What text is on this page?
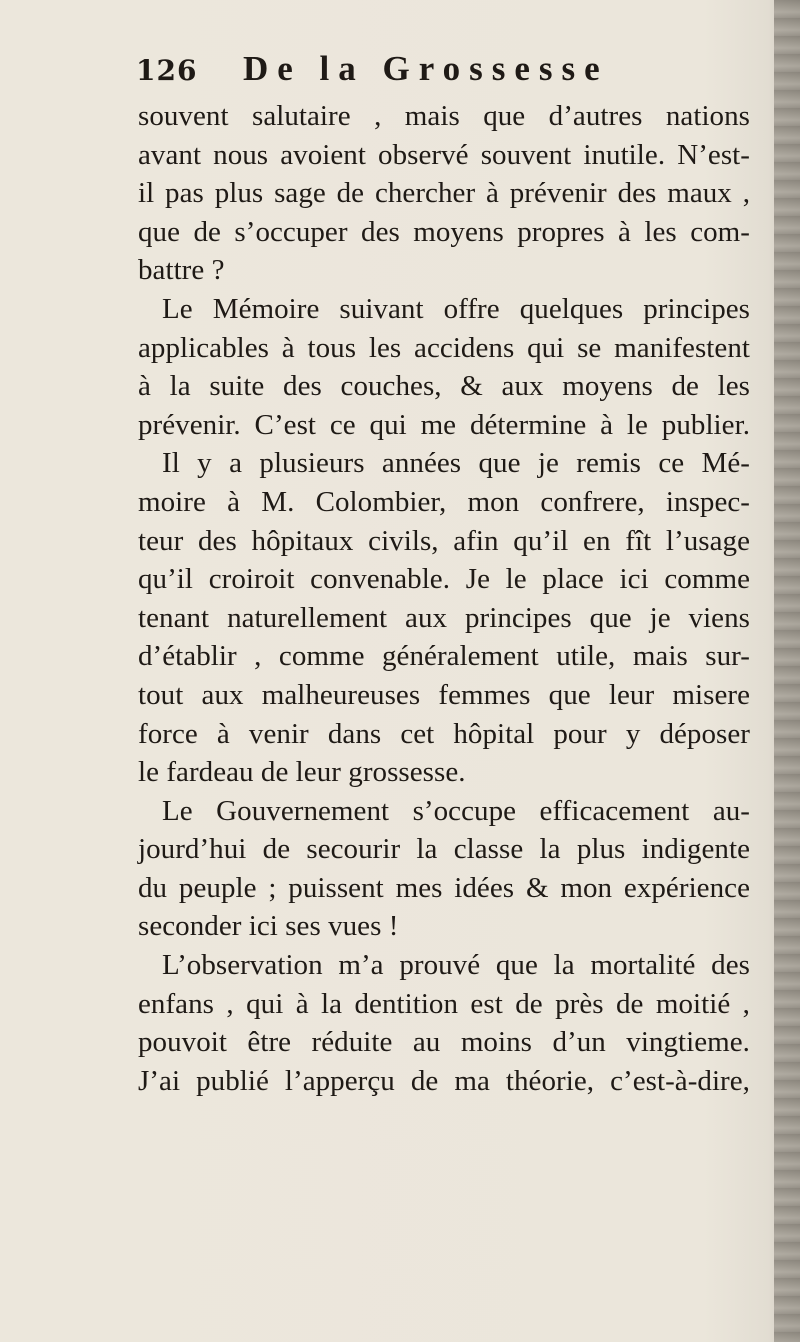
126 De la Grossesse
souvent salutaire , mais que d’autres nations
avant nous avoient observé souvent inutile. N’est-
il pas plus sage de chercher à prévenir des maux ,
que de s’occuper des moyens propres à les com-
battre ?
Le Mémoire suivant offre quelques principes
applicables à tous les accidens qui se manifestent
à la suite des couches, & aux moyens de les
prévenir. C’est ce qui me détermine à le publier.
Il y a plusieurs années que je remis ce Mé-
moire à M. Colombier, mon confrere, inspec-
teur des hôpitaux civils, afin qu’il en fît l’usage
qu’il croiroit convenable. Je le place ici comme
tenant naturellement aux principes que je viens
d’établir , comme généralement utile, mais sur-
tout aux malheureuses femmes que leur misere
force à venir dans cet hôpital pour y déposer
le fardeau de leur grossesse.
Le Gouvernement s’occupe efficacement au-
jourd’hui de secourir la classe la plus indigente
du peuple ; puissent mes idées & mon expérience
seconder ici ses vues !
L’observation m’a prouvé que la mortalité des
enfans , qui à la dentition est de près de moitié ,
pouvoit être réduite au moins d’un vingtieme.
J’ai publié l’apperçu de ma théorie, c’est-à-dire,
